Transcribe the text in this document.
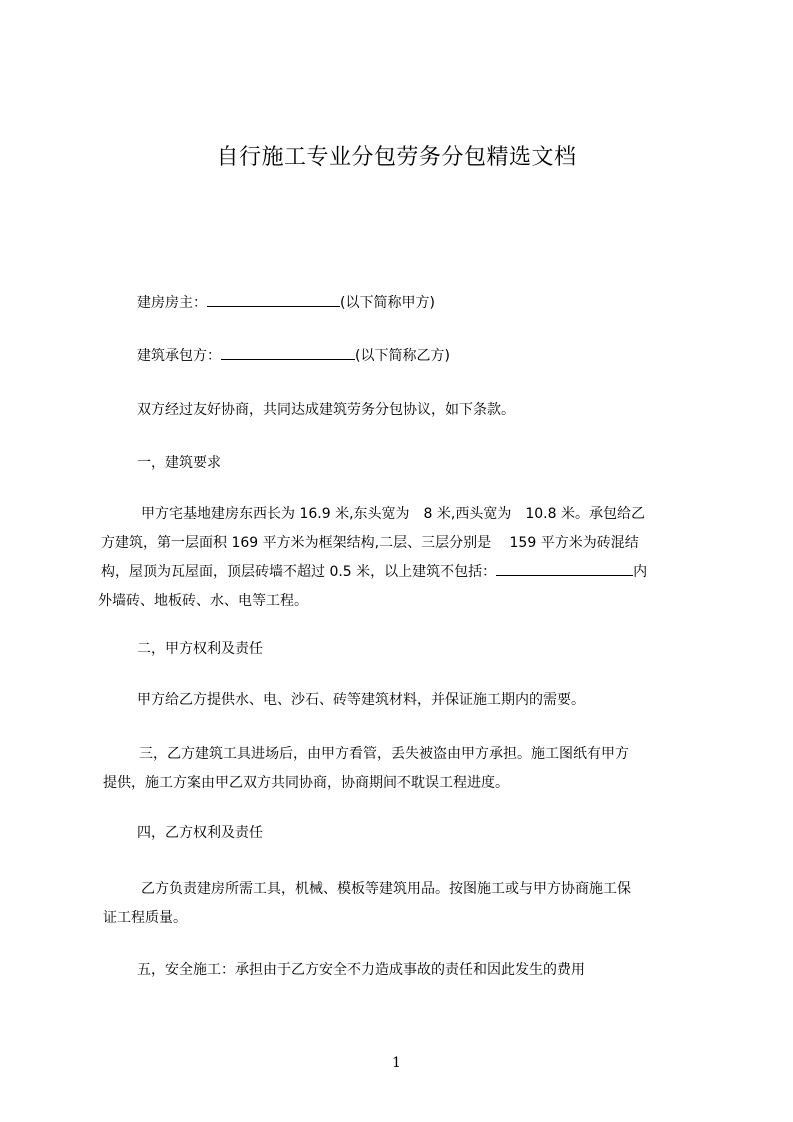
自行施工专业分包劳务分包精选文档
建房房主：	(以下简称甲方)
建筑承包方：	(以下简称乙方)
双方经过友好协商，共同达成建筑劳务分包协议，如下条款。
一，建筑要求
甲方宅基地建房东西长为 16.9 米,东头宽为　8 米,西头宽为　10.8 米。承包给乙
方建筑，第一层面积 169 平方米为框架结构,二层、三层分别是　 159 平方米为砖混结
构，屋顶为瓦屋面，顶层砖墙不超过 0.5 米，以上建筑不包括：	内
外墙砖、地板砖、水、电等工程。
二，甲方权利及责任
甲方给乙方提供水、电、沙石、砖等建筑材料，并保证施工期内的需要。
三，乙方建筑工具进场后，由甲方看管，丢失被盗由甲方承担。施工图纸有甲方
提供，施工方案由甲乙双方共同协商，协商期间不耽误工程进度。
四，乙方权利及责任
乙方负责建房所需工具，机械、模板等建筑用品。按图施工或与甲方协商施工保
证工程质量。
五，安全施工：承担由于乙方安全不力造成事故的责任和因此发生的费用
1
